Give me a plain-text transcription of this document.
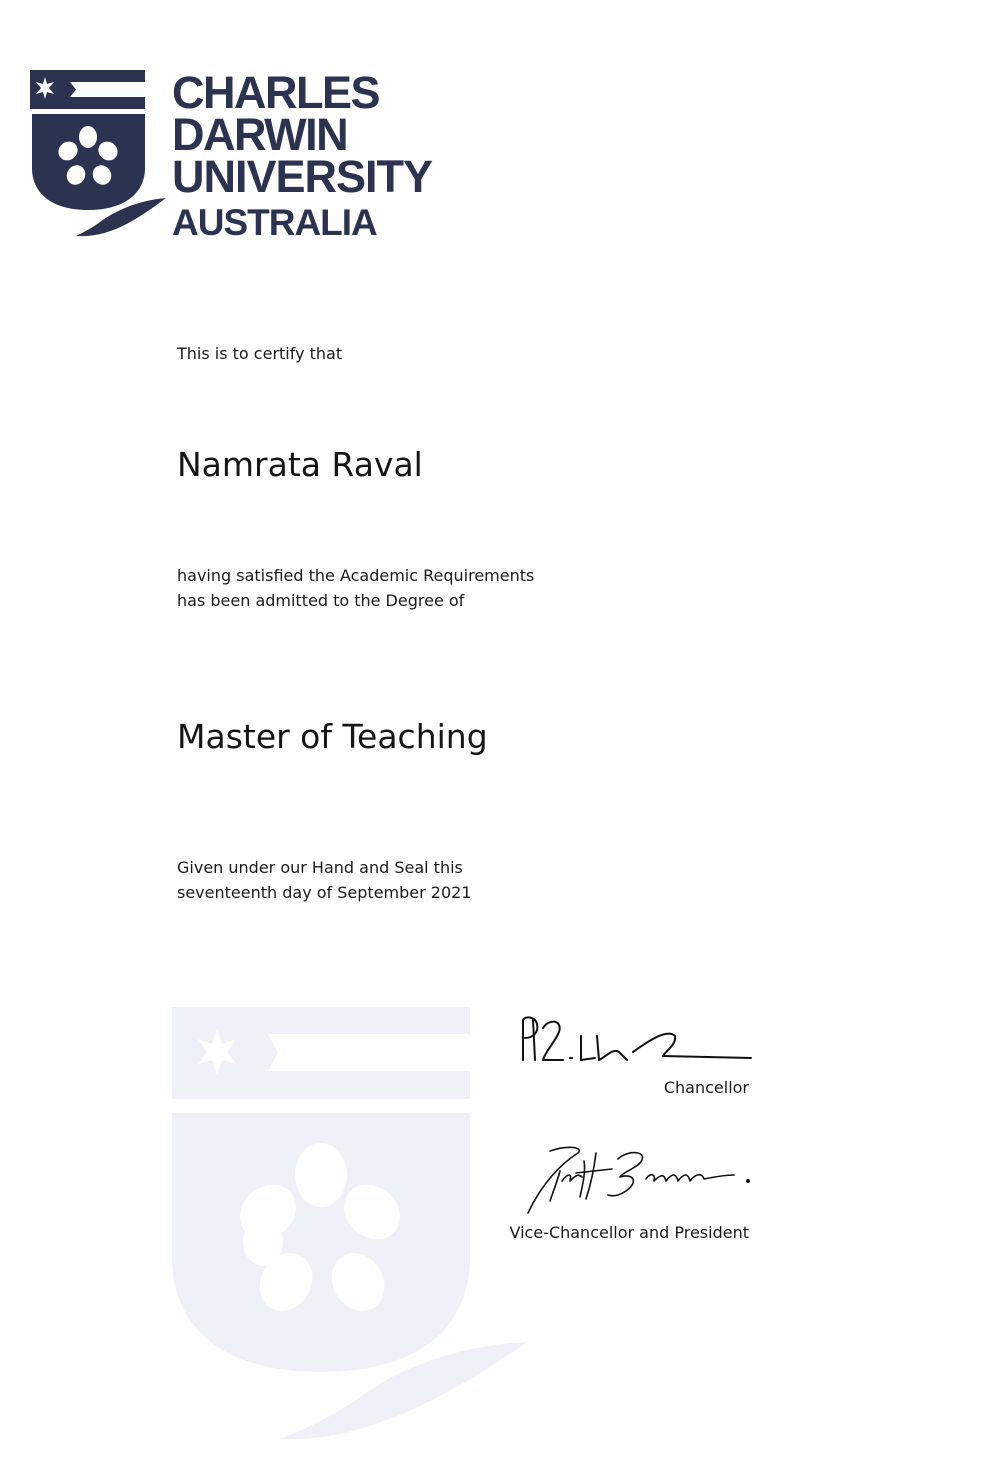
CHARLES
DARWIN
UNIVERSITY
AUSTRALIA

This is to certify that

Namrata Raval

having satisfied the Academic Requirements

has been admitted to the Degree of

Master of Teaching

Given under our Hand and Seal this

seventeenth day of September 2021

Chancellor

Vice-Chancellor and President
